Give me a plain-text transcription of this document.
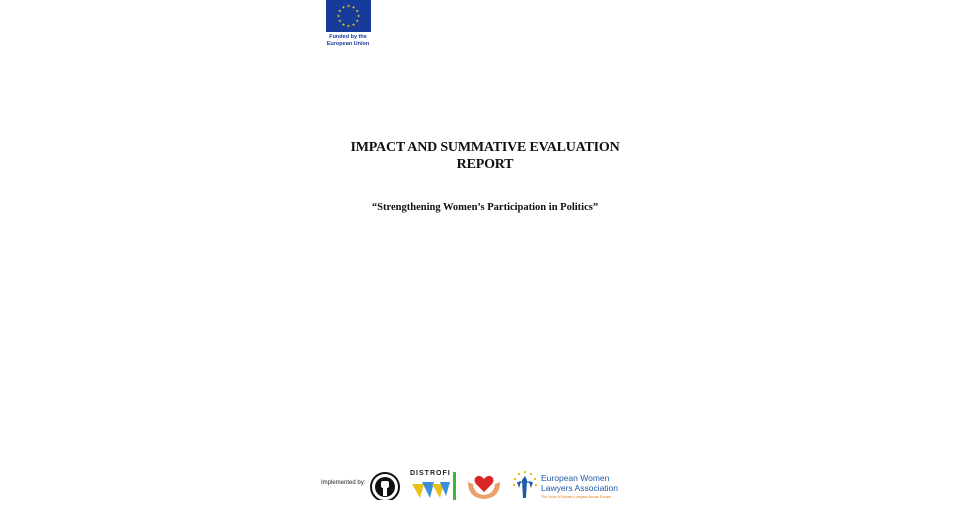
Funded by the
European Union
IMPACT AND SUMMATIVE EVALUATION
REPORT
“Strengthening Women’s Participation in Politics”
Implemented by:
DISTROFI	European Women
Lawyers Association
The Voice of Women Lawyers Across Europe
